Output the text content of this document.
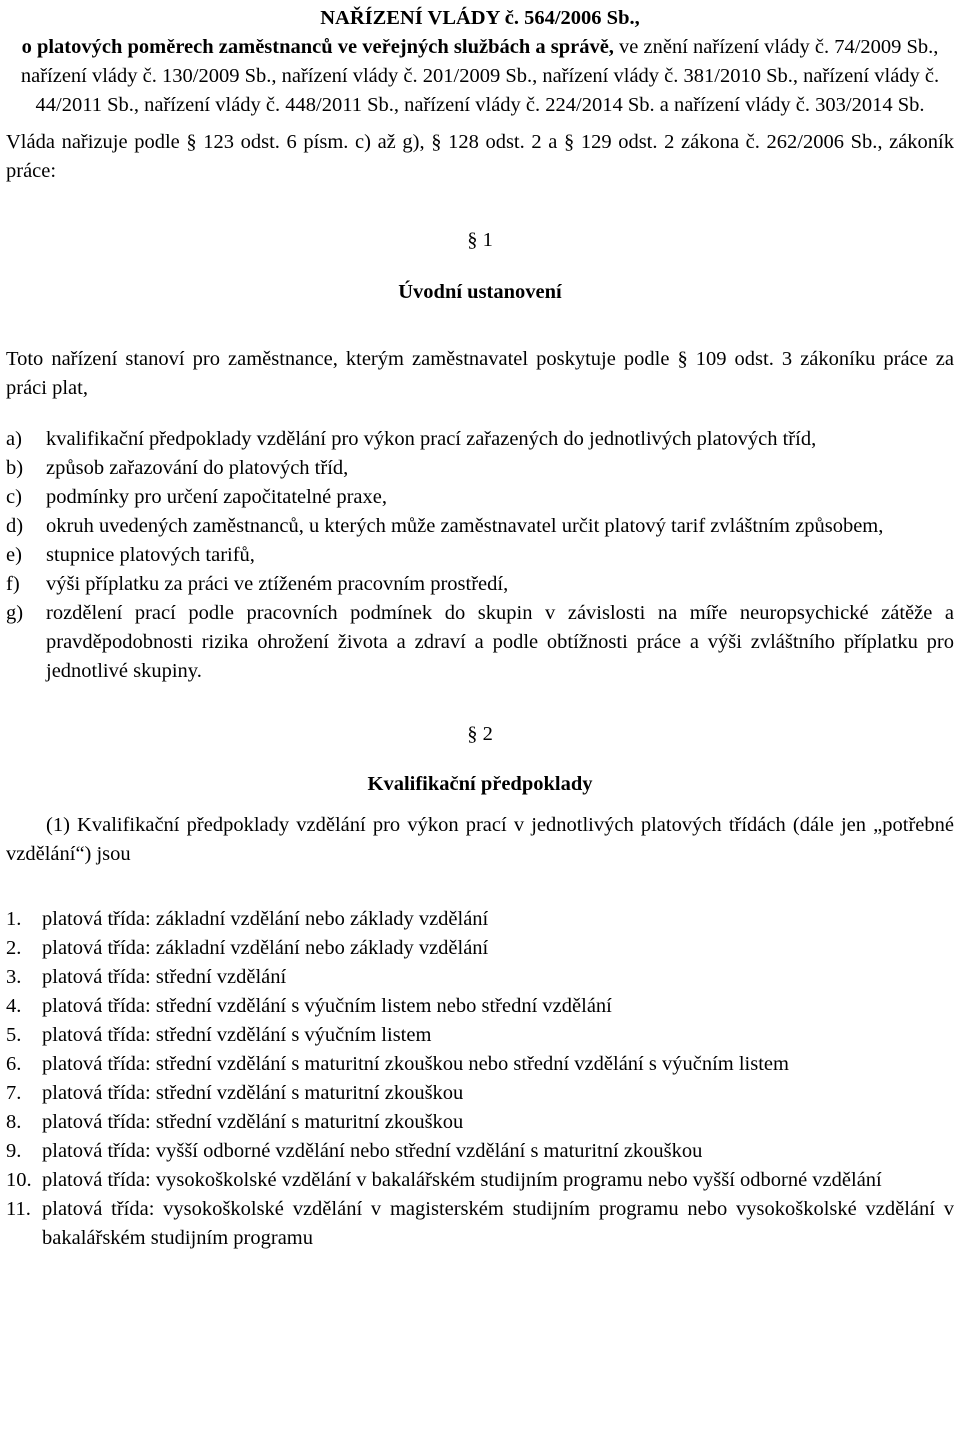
NAŘÍZENÍ VLÁDY č. 564/2006 Sb.,

o platových poměrech zaměstnanců ve veřejných službách a správě, ve znění nařízení vlády č. 74/2009 Sb., nařízení vlády č. 130/2009 Sb., nařízení vlády č. 201/2009 Sb., nařízení vlády č. 381/2010 Sb., nařízení vlády č. 44/2011 Sb., nařízení vlády č. 448/2011 Sb., nařízení vlády č. 224/2014 Sb. a nařízení vlády č. 303/2014 Sb.

Vláda nařizuje podle § 123 odst. 6 písm. c) až g), § 128 odst. 2 a § 129 odst. 2 zákona č. 262/2006 Sb., zákoník práce:

§ 1

Úvodní ustanovení

Toto nařízení stanoví pro zaměstnance, kterým zaměstnavatel poskytuje podle § 109 odst. 3 zákoníku práce za práci plat,

a)	kvalifikační předpoklady vzdělání pro výkon prací zařazených do jednotlivých platových tříd,
b)	způsob zařazování do platových tříd,
c)	podmínky pro určení započitatelné praxe,
d)	okruh uvedených zaměstnanců, u kterých může zaměstnavatel určit platový tarif zvláštním způsobem,
e)	stupnice platových tarifů,
f)	výši příplatku za práci ve ztíženém pracovním prostředí,
g)	rozdělení prací podle pracovních podmínek do skupin v závislosti na míře neuropsychické zátěže a pravděpodobnosti rizika ohrožení života a zdraví a podle obtížnosti práce a výši zvláštního příplatku pro jednotlivé skupiny.

§ 2

Kvalifikační předpoklady

(1) Kvalifikační předpoklady vzdělání pro výkon prací v jednotlivých platových třídách (dále jen „potřebné vzdělání“) jsou

1.	platová třída: základní vzdělání nebo základy vzdělání
2.	platová třída: základní vzdělání nebo základy vzdělání
3.	platová třída: střední vzdělání
4.	platová třída: střední vzdělání s výučním listem nebo střední vzdělání
5.	platová třída: střední vzdělání s výučním listem
6.	platová třída: střední vzdělání s maturitní zkouškou nebo střední vzdělání s výučním listem
7.	platová třída: střední vzdělání s maturitní zkouškou
8.	platová třída: střední vzdělání s maturitní zkouškou
9.	platová třída: vyšší odborné vzdělání nebo střední vzdělání s maturitní zkouškou
10. platová třída: vysokoškolské vzdělání v bakalářském studijním programu nebo vyšší odborné vzdělání
11. platová třída: vysokoškolské vzdělání v magisterském studijním programu nebo vysokoškolské vzdělání v bakalářském studijním programu
